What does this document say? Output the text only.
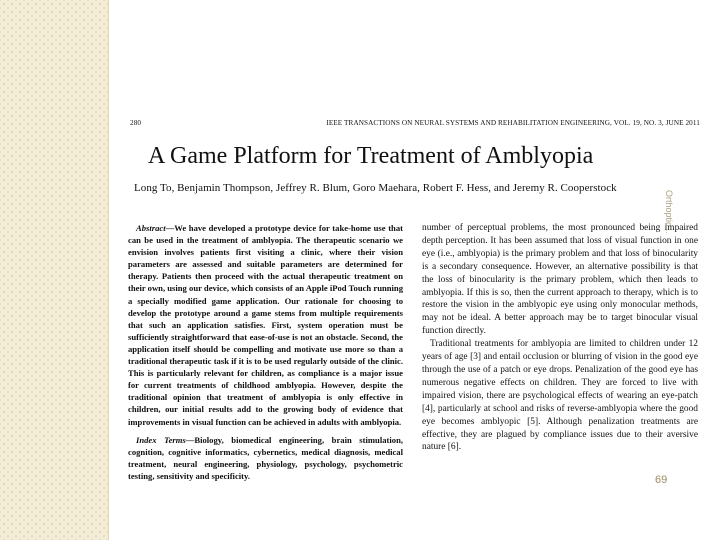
280	IEEE TRANSACTIONS ON NEURAL SYSTEMS AND REHABILITATION ENGINEERING, VOL. 19, NO. 3, JUNE 2011
A Game Platform for Treatment of Amblyopia
Long To, Benjamin Thompson, Jeffrey R. Blum, Goro Maehara, Robert F. Hess, and Jeremy R. Cooperstock

Abstract—We have developed a prototype device for take-home use that can be used in the treatment of amblyopia. The therapeutic scenario we envision involves patients first visiting a clinic, where their vision parameters are assessed and suitable parameters are determined for therapy. Patients then proceed with the actual therapeutic treatment on their own, using our device, which consists of an Apple iPod Touch running a specially modified game application. Our rationale for choosing to develop the prototype around a game stems from multiple requirements that such an application satisfies. First, system operation must be sufficiently straightforward that ease-of-use is not an obstacle. Second, the application itself should be compelling and motivate use more so than a traditional therapeutic task if it is to be used regularly outside of the clinic. This is particularly relevant for children, as compliance is a major issue for current treatments of childhood amblyopia. However, despite the traditional opinion that treatment of amblyopia is only effective in children, our initial results add to the growing body of evidence that improvements in visual function can be achieved in adults with amblyopia.

Index Terms—Biology, biomedical engineering, brain stimulation, cognition, cognitive informatics, cybernetics, medical diagnosis, medical treatment, neural engineering, physiology, psychology, psychometric testing, sensitivity and specificity.

number of perceptual problems, the most pronounced being impaired depth perception. It has been assumed that loss of visual function in one eye (i.e., amblyopia) is the primary problem and that loss of binocularity is a secondary consequence. However, an alternative possibility is that the loss of binocularity is the primary problem, which then leads to amblyopia. If this is so, then the current approach to therapy, which is to restore the vision in the amblyopic eye using only monocular methods, may not be ideal. A better approach may be to target binocular visual function directly.

Traditional treatments for amblyopia are limited to children under 12 years of age [3] and entail occlusion or blurring of vision in the good eye through the use of a patch or eye drops. Penalization of the good eye has numerous negative effects on children. They are forced to live with impaired vision, there are psychological effects of wearing an eye-patch [4], particularly at school and risks of reverse-amblyopia where the good eye becomes amblyopic [5]. Although penalization treatments are effective, they are plagued by compliance issues due to their aversive nature [6].

Orthoptic...
69
